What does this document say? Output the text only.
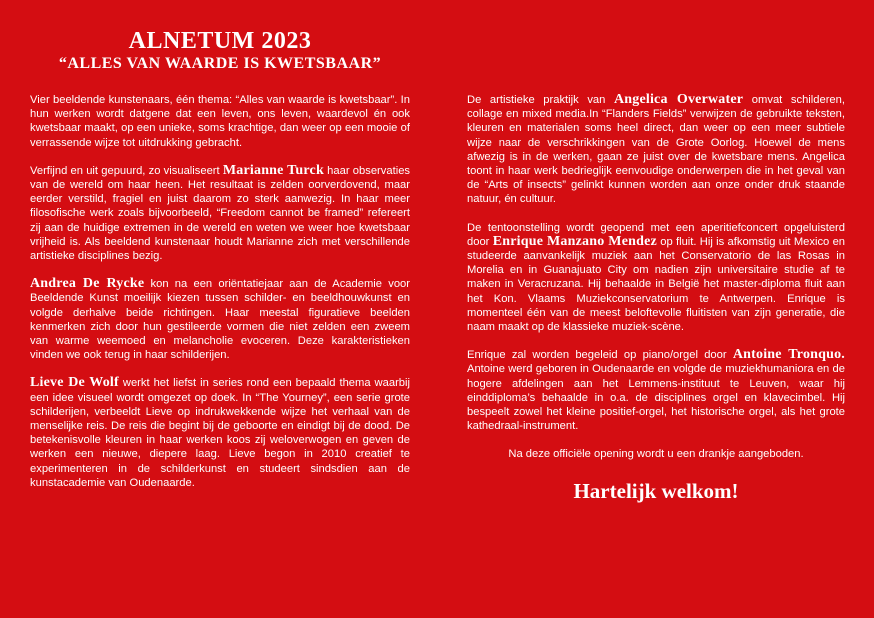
ALNETUM 2023
“ALLES VAN WAARDE IS KWETSBAAR”

Vier beeldende kunstenaars, één thema: “Alles van waarde is kwetsbaar”. In hun werken wordt datgene dat een leven, ons leven, waardevol én ook kwetsbaar maakt, op een unieke, soms krachtige, dan weer op een mooie of verrassende wijze tot uitdrukking gebracht.

Verfijnd en uit gepuurd, zo visualiseert Marianne Turck haar observaties van de wereld om haar heen. Het resultaat is zelden oorverdovend, maar eerder verstild, fragiel en juist daarom zo sterk aanwezig. In haar meer filosofische werk zoals bijvoorbeeld, “Freedom cannot be framed” refereert zij aan de huidige extremen in de wereld en weten we weer hoe kwetsbaar vrijheid is. Als beeldend kunstenaar houdt Marianne zich met verschillende artistieke disciplines bezig.

Andrea De Rycke kon na een oriëntatiejaar aan de Academie voor Beeldende Kunst moeilijk kiezen tussen schilder- en beeldhouwkunst en volgde derhalve beide richtingen. Haar meestal figuratieve beelden kenmerken zich door hun gestileerde vormen die niet zelden een zweem van warme weemoed en melancholie evoceren. Deze karakteristieken vinden we ook terug in haar schilderijen.

Lieve De Wolf werkt het liefst in series rond een bepaald thema waarbij een idee visueel wordt omgezet op doek. In “The Yourney”, een serie grote schilderijen, verbeeldt Lieve op indrukwekkende wijze het verhaal van de menselijke reis. De reis die begint bij de geboorte en eindigt bij de dood. De betekenisvolle kleuren in haar werken koos zij weloverwogen en geven de werken een nieuwe, diepere laag. Lieve begon in 2010 creatief te experimenteren in de schilderkunst en studeert sindsdien aan de kunstacademie van Oudenaarde.

De artistieke praktijk van Angelica Overwater omvat schilderen, collage en mixed media.In “Flanders Fields” verwijzen de gebruikte teksten, kleuren en materialen soms heel direct, dan weer op een meer subtiele wijze naar de verschrikkingen van de Grote Oorlog. Hoewel de mens afwezig is in de werken, gaan ze juist over de kwetsbare mens. Angelica toont in haar werk bedrieglijk eenvoudige onderwerpen die in het geval van de “Arts of insects” gelinkt kunnen worden aan onze onder druk staande natuur, én cultuur.

De tentoonstelling wordt geopend met een aperitiefconcert opgeluisterd door Enrique Manzano Mendez op fluit. Hij is afkomstig uit Mexico en studeerde aanvankelijk muziek aan het Conservatorio de las Rosas in Morelia en in Guanajuato City om nadien zijn universitaire studie af te maken in Veracruzana. Hij behaalde in België het master-diploma fluit aan het Kon. Vlaams Muziekconservatorium te Antwerpen. Enrique is momenteel één van de meest beloftevolle fluitisten van zijn generatie, die naam maakt op de klassieke muziek-scène.

Enrique zal worden begeleid op piano/orgel door Antoine Tronquo. Antoine werd geboren in Oudenaarde en volgde de muziekhumaniora en de hogere afdelingen aan het Lemmens-instituut te Leuven, waar hij einddiploma’s behaalde in o.a. de disciplines orgel en klavecimbel. Hij bespeelt zowel het kleine positief-orgel, het historische orgel, als het grote kathedraal-instrument.

Na deze officiële opening wordt u een drankje aangeboden.

Hartelijk welkom!
